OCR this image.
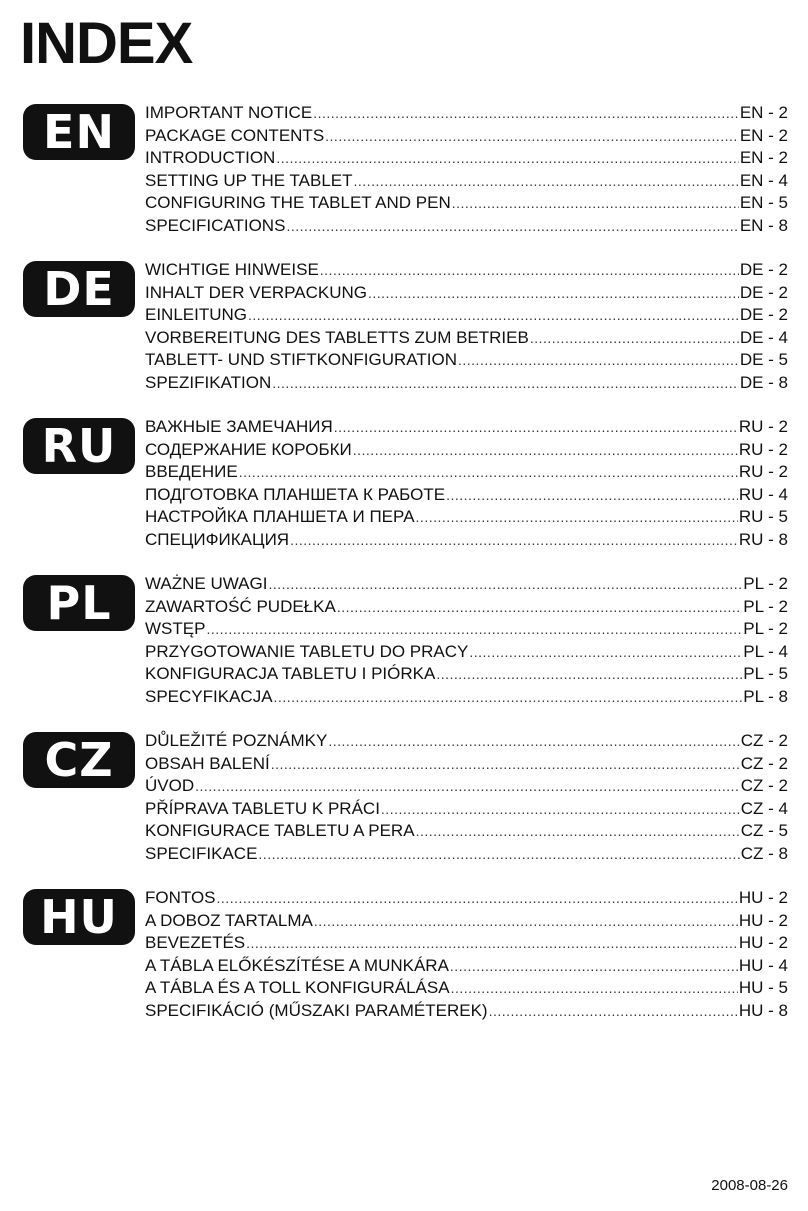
INDEX
EN	IMPORTANT NOTICE .....	EN - 2
PACKAGE CONTENTS .....	EN - 2
INTRODUCTION .....	EN - 2
SETTING UP THE TABLET .....	EN - 4
CONFIGURING THE TABLET AND PEN .....	EN - 5
SPECIFICATIONS .....	EN - 8
DE	WICHTIGE HINWEISE .....	DE - 2
INHALT DER VERPACKUNG .....	DE - 2
EINLEITUNG .....	DE - 2
VORBEREITUNG DES TABLETTS ZUM BETRIEB .....	DE - 4
TABLETT- UND STIFTKONFIGURATION .....	DE - 5
SPEZIFIKATION .....	DE - 8
RU	ВАЖНЫЕ ЗАМЕЧАНИЯ .....	RU - 2
СОДЕРЖАНИЕ КОРОБКИ .....	RU - 2
ВВЕДЕНИЕ .....	RU - 2
ПОДГОТОВКА ПЛАНШЕТА К РАБОТЕ .....	RU - 4
НАСТРОЙКА ПЛАНШЕТА И ПЕРА .....	RU - 5
СПЕЦИФИКАЦИЯ .....	RU - 8
PL	WAŻNE UWAGI .....	PL - 2
ZAWARTOŚĆ PUDEŁKA .....	PL - 2
WSTĘP .....	PL - 2
PRZYGOTOWANIE TABLETU DO PRACY .....	PL - 4
KONFIGURACJA TABLETU I PIÓRKA .....	PL - 5
SPECYFIKACJA .....	PL - 8
CZ	DŮLEŽITÉ POZNÁMKY .....	CZ - 2
OBSAH BALENÍ .....	CZ - 2
ÚVOD .....	CZ - 2
PŘÍPRAVA TABLETU K PRÁCI .....	CZ - 4
KONFIGURACE TABLETU A PERA .....	CZ - 5
SPECIFIKACE .....	CZ - 8
HU	FONTOS .....	HU - 2
A DOBOZ TARTALMA .....	HU - 2
BEVEZETÉS .....	HU - 2
A TÁBLA ELŐKÉSZÍTÉSE A MUNKÁRA .....	HU - 4
A TÁBLA ÉS A TOLL KONFIGURÁLÁSA .....	HU - 5
SPECIFIKÁCIÓ (MŰSZAKI PARAMÉTEREK) .....	HU - 8
2008-08-26
